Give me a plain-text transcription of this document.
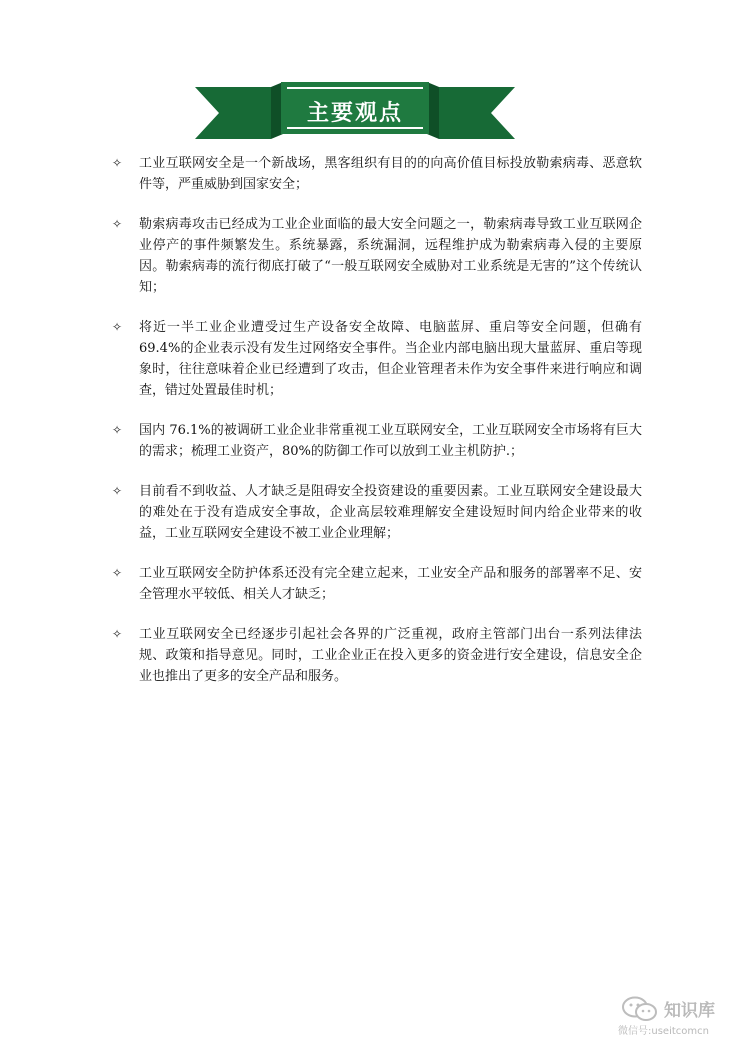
主要观点
✧ 工业互联网安全是一个新战场，黑客组织有目的的向高价值目标投放勒索病毒、恶意软件等，严重威胁到国家安全；
✧ 勒索病毒攻击已经成为工业企业面临的最大安全问题之一，勒索病毒导致工业互联网企业停产的事件频繁发生。系统暴露，系统漏洞，远程维护成为勒索病毒入侵的主要原因。勒索病毒的流行彻底打破了“一般互联网安全威胁对工业系统是无害的”这个传统认知；
✧ 将近一半工业企业遭受过生产设备安全故障、电脑蓝屏、重启等安全问题，但确有 69.4%的企业表示没有发生过网络安全事件。当企业内部电脑出现大量蓝屏、重启等现象时，往往意味着企业已经遭到了攻击，但企业管理者未作为安全事件来进行响应和调查，错过处置最佳时机；
✧ 国内 76.1%的被调研工业企业非常重视工业互联网安全，工业互联网安全市场将有巨大的需求；梳理工业资产，80%的防御工作可以放到工业主机防护.；
✧ 目前看不到收益、人才缺乏是阻碍安全投资建设的重要因素。工业互联网安全建设最大的难处在于没有造成安全事故，企业高层较难理解安全建设短时间内给企业带来的收益，工业互联网安全建设不被工业企业理解；
✧ 工业互联网安全防护体系还没有完全建立起来，工业安全产品和服务的部署率不足、安全管理水平较低、相关人才缺乏；
✧ 工业互联网安全已经逐步引起社会各界的广泛重视，政府主管部门出台一系列法律法规、政策和指导意见。同时，工业企业正在投入更多的资金进行安全建设，信息安全企业也推出了更多的安全产品和服务。
知识库
微信号:useitcomcn
